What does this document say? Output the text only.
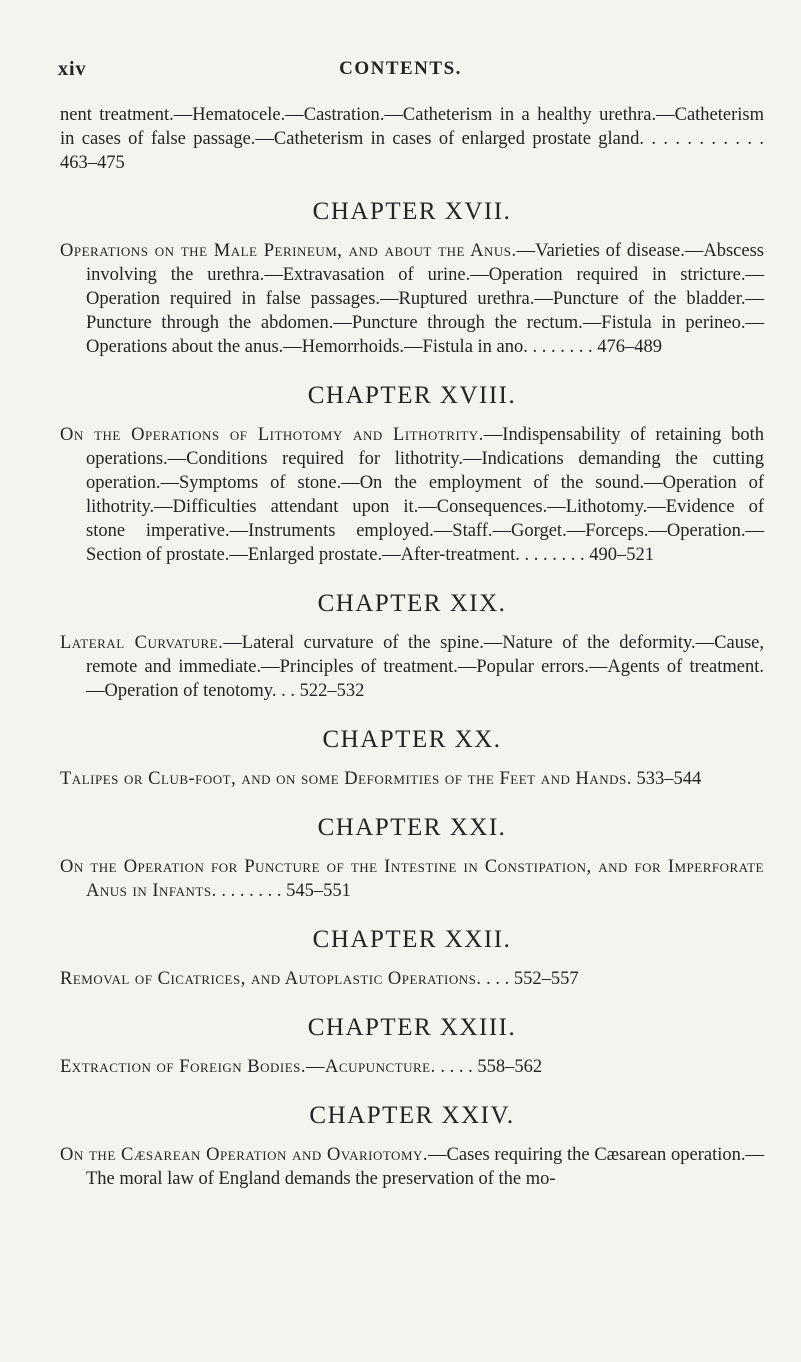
xiv	CONTENTS.

nent treatment.—Hematocele.—Castration.—Catheterism in a healthy urethra.—Catheterism in cases of false passage.—Catheterism in cases of enlarged prostate gland. . . . . . . . . . . 463–475

CHAPTER XVII.

Operations on the Male Perineum, and about the Anus.—Varieties of disease.—Abscess involving the urethra.—Extravasation of urine.—Operation required in stricture.—Operation required in false passages.—Ruptured urethra.—Puncture of the bladder.—Puncture through the abdomen.—Puncture through the rectum.—Fistula in perineo.—Operations about the anus.—Hemorrhoids.—Fistula in ano. . . . . . . . 476–489

CHAPTER XVIII.

On the Operations of Lithotomy and Lithotrity.—Indispensability of retaining both operations.—Conditions required for lithotrity.—Indications demanding the cutting operation.—Symptoms of stone.—On the employment of the sound.—Operation of lithotrity.—Difficulties attendant upon it.—Consequences.—Lithotomy.—Evidence of stone imperative.—Instruments employed.—Staff.—Gorget.—Forceps.—Operation.—Section of prostate.—Enlarged prostate.—After-treatment. . . . . . . . 490–521

CHAPTER XIX.

Lateral Curvature.—Lateral curvature of the spine.—Nature of the deformity.—Cause, remote and immediate.—Principles of treatment.—Popular errors.—Agents of treatment.—Operation of tenotomy. . . 522–532

CHAPTER XX.

Talipes or Club-foot, and on some Deformities of the Feet and Hands. 533–544

CHAPTER XXI.

On the Operation for Puncture of the Intestine in Constipation, and for Imperforate Anus in Infants. . . . . . . . 545–551

CHAPTER XXII.

Removal of Cicatrices, and Autoplastic Operations. . . . 552–557

CHAPTER XXIII.

Extraction of Foreign Bodies.—Acupuncture. . . . . 558–562

CHAPTER XXIV.

On the Cæsarean Operation and Ovariotomy.—Cases requiring the Cæsarean operation.—The moral law of England demands the preservation of the mo-
